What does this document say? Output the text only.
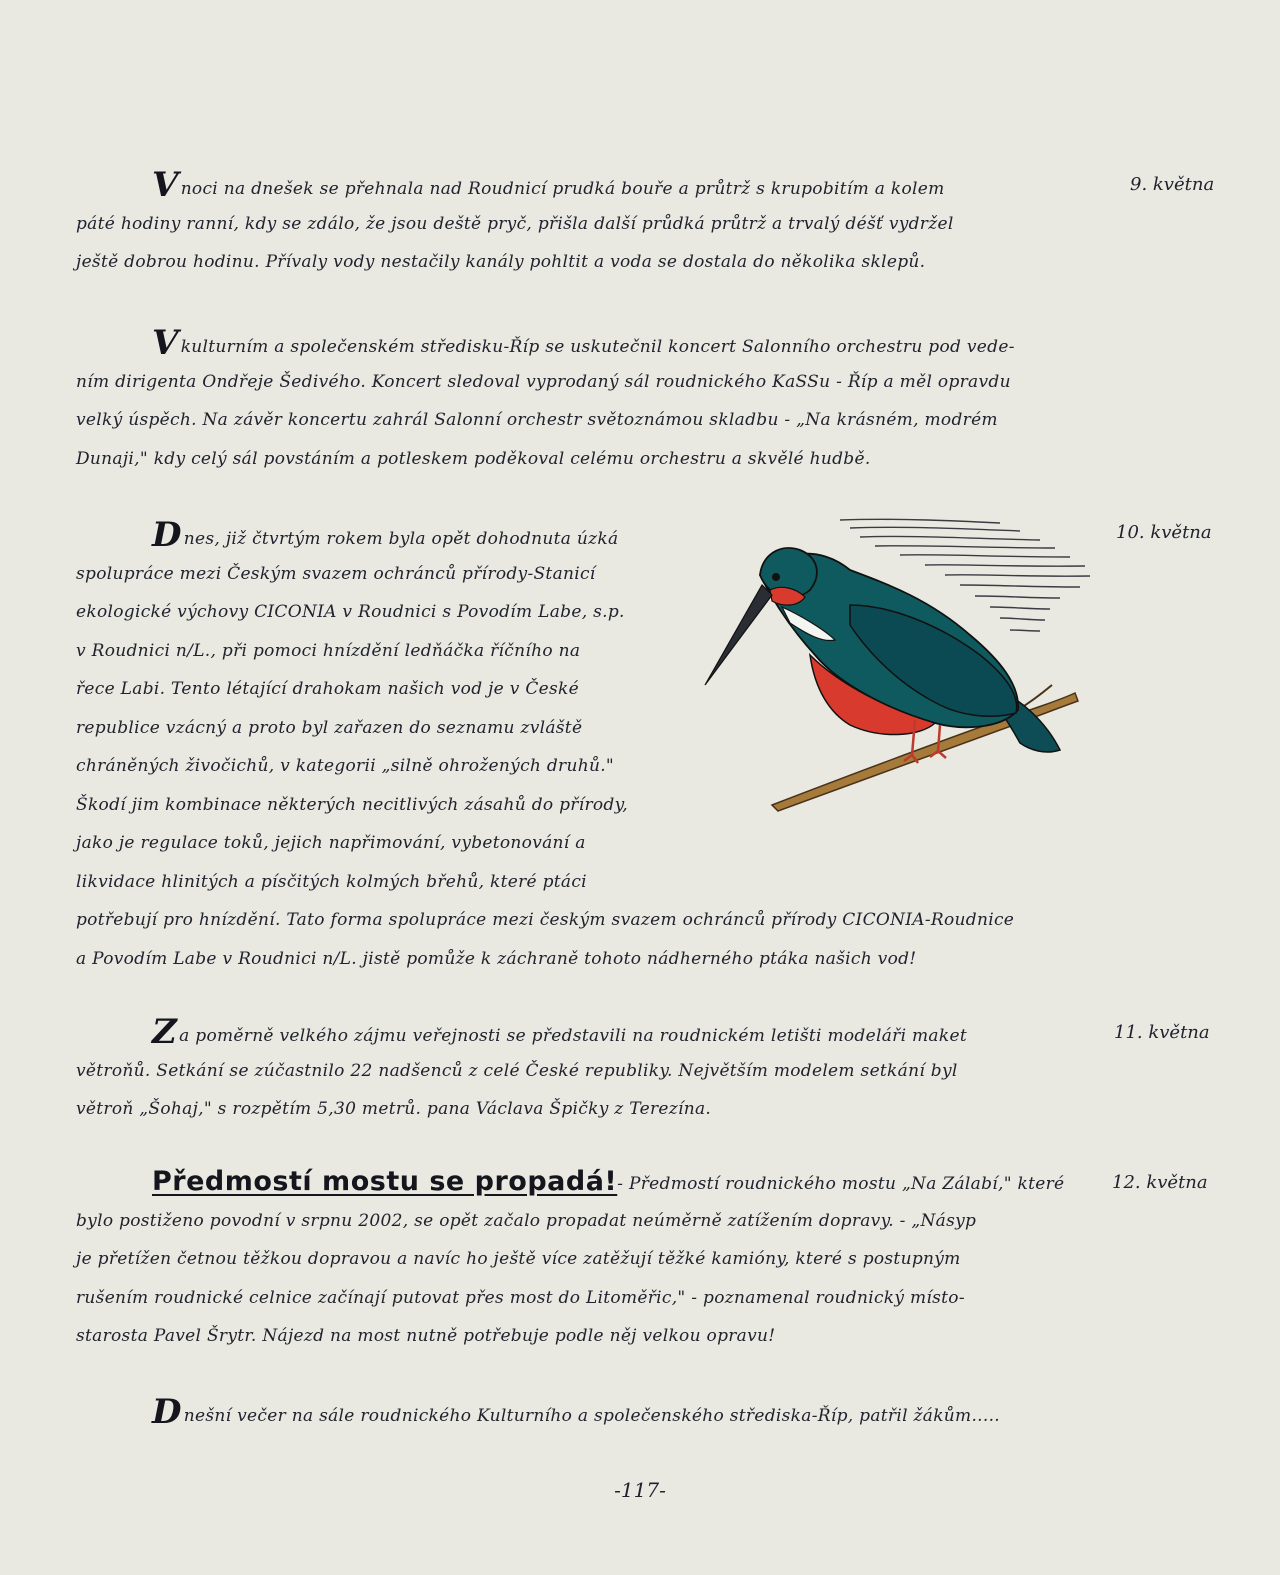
9. května
Vnoci na dnešek se přehnala nad Roudnicí prudká bouře a průtrž s krupobitím a kolem
páté hodiny ranní, kdy se zdálo, že jsou deště pryč, přišla další průdká průtrž a trvalý déšť vydržel
ještě dobrou hodinu. Přívaly vody nestačily kanály pohltit a voda se dostala do několika sklepů.
Vkulturním a společenském středisku-Říp se uskutečnil koncert Salonního orchestru pod vede-
ním dirigenta Ondřeje Šedivého. Koncert sledoval vyprodaný sál roudnického KaSSu - Říp a měl opravdu
velký úspěch. Na závěr koncertu zahrál Salonní orchestr světoznámou skladbu - „Na krásném, modrém
Dunaji," kdy celý sál povstáním a potleskem poděkoval celému orchestru a skvělé hudbě.
10. května
Dnes, již čtvrtým rokem byla opět dohodnuta úzká
spolupráce mezi Českým svazem ochránců přírody-Stanicí
ekologické výchovy CICONIA v Roudnici s Povodím Labe, s.p.
v Roudnici n/L., při pomoci hnízdění ledňáčka říčního na
řece Labi. Tento létající drahokam našich vod je v České
republice vzácný a proto byl zařazen do seznamu zvláště
chráněných živočichů, v kategorii „silně ohrožených druhů."
Škodí jim kombinace některých necitlivých zásahů do přírody,
jako je regulace toků, jejich napřimování, vybetonování a
likvidace hlinitých a písčitých kolmých břehů, které ptáci
potřebují pro hnízdění. Tato forma spolupráce mezi českým svazem ochránců přírody CICONIA-Roudnice
a Povodím Labe v Roudnici n/L. jistě pomůže k záchraně tohoto nádherného ptáka našich vod!
11. května
Za poměrně velkého zájmu veřejnosti se představili na roudnickém letišti modeláři maket
větroňů. Setkání se zúčastnilo 22 nadšenců z celé České republiky. Největším modelem setkání byl
větroň „Šohaj," s rozpětím 5,30 metrů. pana Václava Špičky z Terezína.
12. května
Předmostí mostu se propadá!- Předmostí roudnického mostu „Na Zálabí," které
bylo postiženo povodní v srpnu 2002, se opět začalo propadat neúměrně zatížením dopravy. - „Násyp
je přetížen četnou těžkou dopravou a navíc ho ještě více zatěžují těžké kamióny, které s postupným
rušením roudnické celnice začínají putovat přes most do Litoměřic," - poznamenal roudnický místo-
starosta Pavel Šrytr. Nájezd na most nutně potřebuje podle něj velkou opravu!
Dnešní večer na sále roudnického Kulturního a společenského střediska-Říp, patřil žákům.....
-117-
